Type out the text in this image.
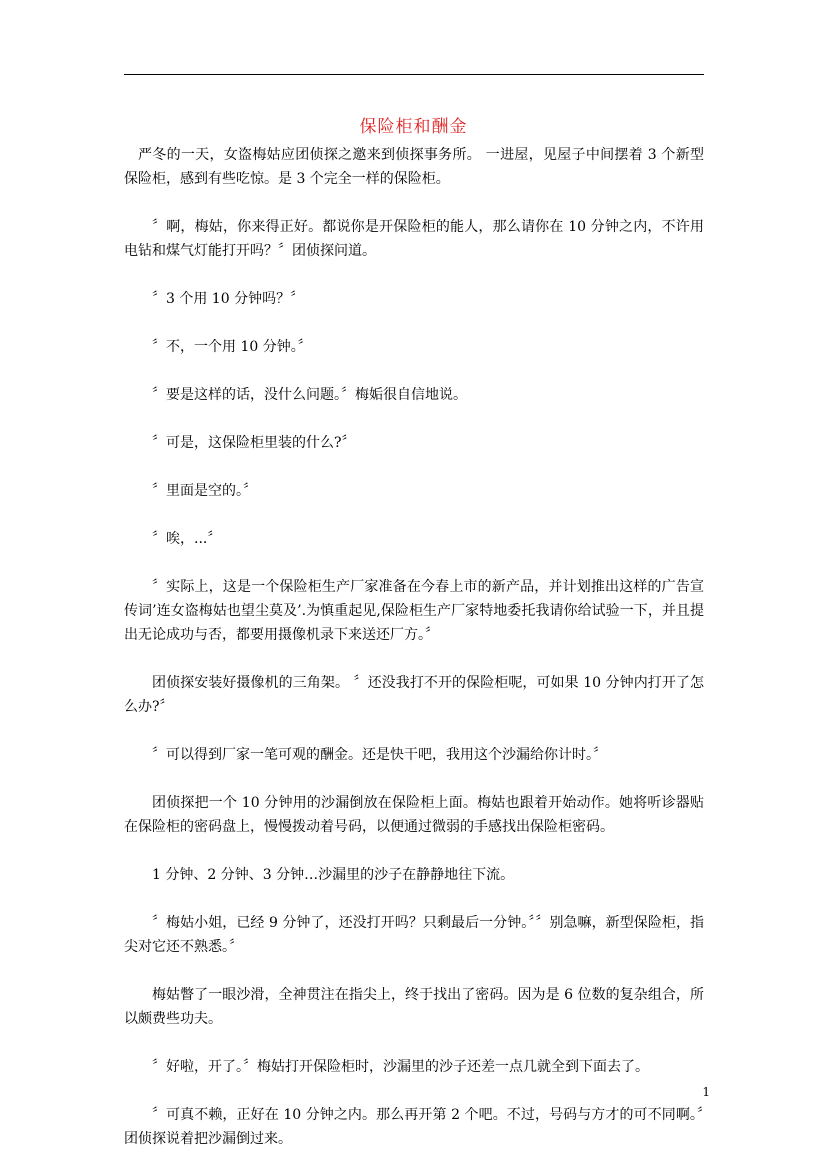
保险柜和酬金

严冬的一天，女盗梅姑应团侦探之邀来到侦探事务所。 一进屋，见屋子中间摆着 3 个新型保险柜，感到有些吃惊。是 3 个完全一样的保险柜。

〞啊，梅姑，你来得正好。都说你是开保险柜的能人，那么请你在 10 分钟之内，不许用电钻和煤气灯能打开吗？〞团侦探问道。

〞3 个用 10 分钟吗？〞

〞不，一个用 10 分钟。〞

〞要是这样的话，没什么问题。〞梅姤很自信地说。

〞可是，这保险柜里装的什么?〞

〞里面是空的。〞

〞唉，...〞

〞实际上，这是一个保险柜生产厂家准备在今春上市的新产品，并计划推出这样的广告宣传词’连女盗梅姑也望尘莫及’.为慎重起见,保险柜生产厂家特地委托我请你给试验一下，并且提出无论成功与否，都要用摄像机录下来送还厂方。〞

团侦探安装好摄像机的三角架。 〞还没我打不开的保险柜呢，可如果 10 分钟内打开了怎么办?〞

〞可以得到厂家一笔可观的酬金。还是快干吧，我用这个沙漏给你计时。〞

团侦探把一个 10 分钟用的沙漏倒放在保险柜上面。梅姑也跟着开始动作。她将听诊器贴在保险柜的密码盘上，慢慢拨动着号码，以便通过微弱的手感找出保险柜密码。

1 分钟、2 分钟、3 分钟…沙漏里的沙子在静静地往下流。

〞梅姑小姐，已经 9 分钟了，还没打开吗？只剩最后一分钟。〞〞别急嘛，新型保险柜，指尖对它还不熟悉。〞

梅姑瞥了一眼沙滑，全神贯注在指尖上，终于找出了密码。因为是 6 位数的复杂组合，所以颇费些功夫。

〞好啦，开了。〞梅姑打开保险柜时，沙漏里的沙子还差一点几就全到下面去了。

〞可真不赖，正好在 10 分钟之内。那么再开第 2 个吧。不过，号码与方才的可不同啊。〞团侦探说着把沙漏倒过来。

1
